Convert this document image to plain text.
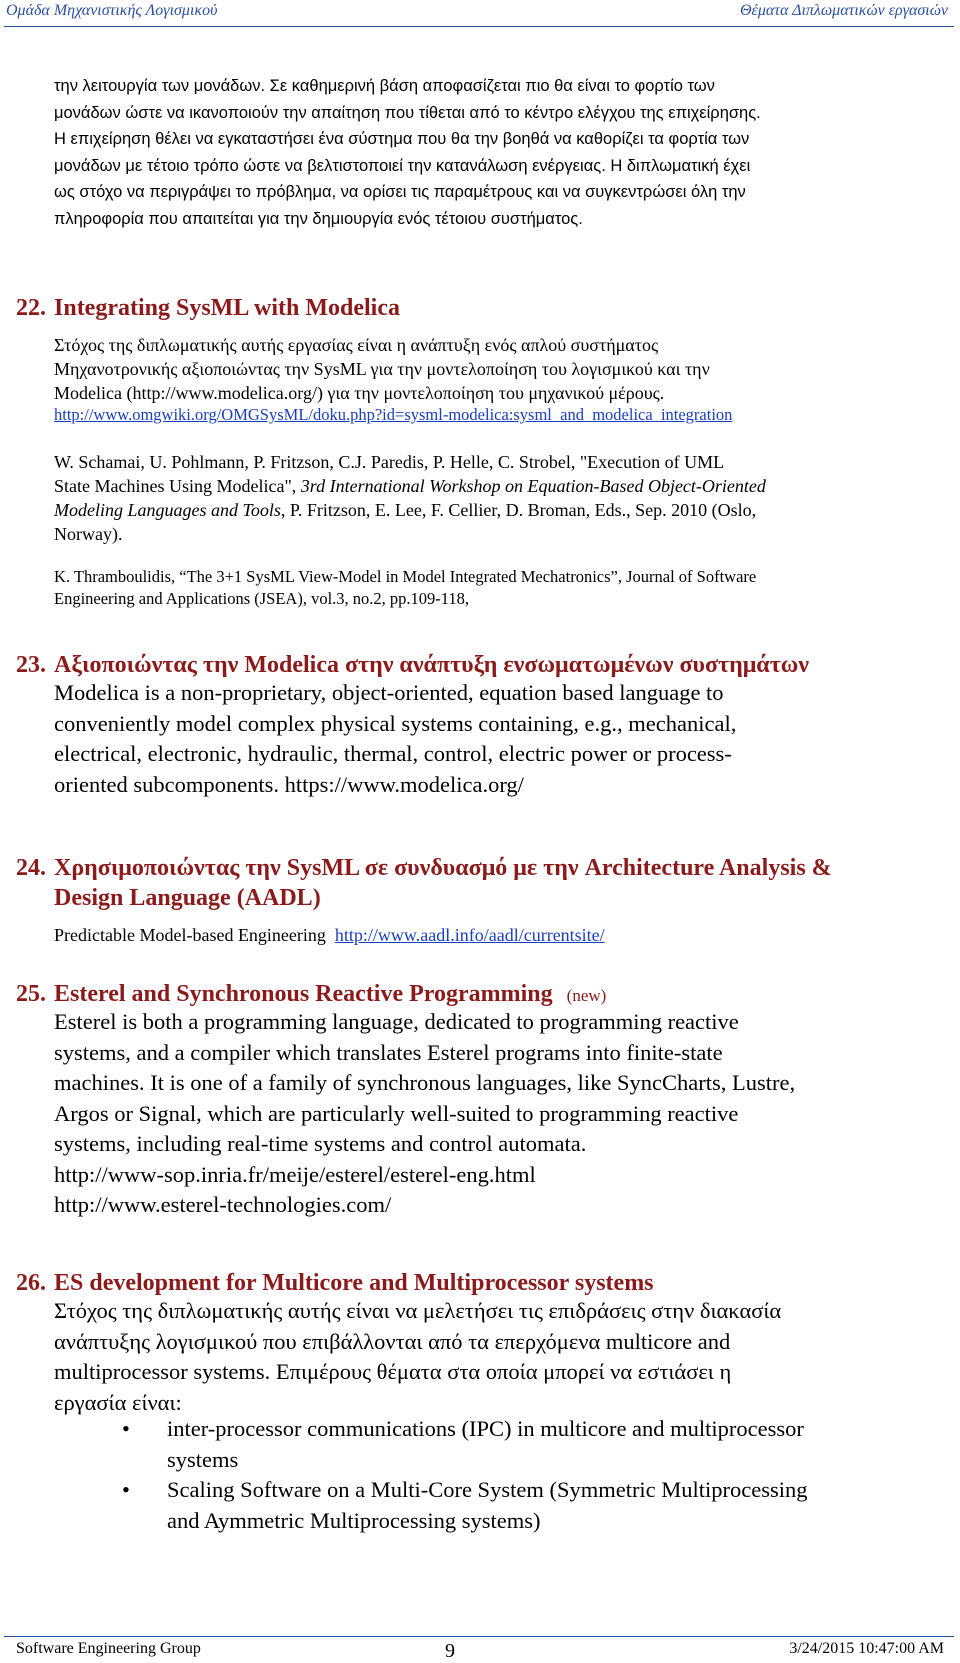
Ομάδα Μηχανιστικής Λογισμικού	Θέματα Διπλωματικών εργασιών
την λειτουργία των μονάδων. Σε καθημερινή βάση αποφασίζεται πιο θα είναι το φορτίο των
μονάδων ώστε να ικανοποιούν την απαίτηση που τίθεται από το κέντρο ελέγχου της επιχείρησης.
Η επιχείρηση θέλει να εγκαταστήσει ένα σύστημα που θα την βοηθά να καθορίζει τα φορτία των
μονάδων με τέτοιο τρόπο ώστε να βελτιστοποιεί την κατανάλωση ενέργειας. Η διπλωματική έχει
ως στόχο να περιγράψει το πρόβλημα, να ορίσει τις παραμέτρους και να συγκεντρώσει όλη την
πληροφορία που απαιτείται για την δημιουργία ενός τέτοιου συστήματος.
22. Integrating SysML with Modelica
Στόχος της διπλωματικής αυτής εργασίας είναι η ανάπτυξη ενός απλού συστήματος
Μηχανοτρονικής αξιοποιώντας την SysML για την μοντελοποίηση του λογισμικού και την
Modelica (http://www.modelica.org/) για την μοντελοποίηση του μηχανικού μέρους.
http://www.omgwiki.org/OMGSysML/doku.php?id=sysml-modelica:sysml_and_modelica_integration
W. Schamai, U. Pohlmann, P. Fritzson, C.J. Paredis, P. Helle, C. Strobel, "Execution of UML
State Machines Using Modelica", 3rd International Workshop on Equation-Based Object-Oriented
Modeling Languages and Tools, P. Fritzson, E. Lee, F. Cellier, D. Broman, Eds., Sep. 2010 (Oslo,
Norway).
K. Thramboulidis, “The 3+1 SysML View-Model in Model Integrated Mechatronics”, Journal of Software
Engineering and Applications (JSEA), vol.3, no.2, pp.109-118,
23. Αξιοποιώντας την Modelica στην ανάπτυξη ενσωματωμένων συστημάτων
Modelica is a non-proprietary, object-oriented, equation based language to
conveniently model complex physical systems containing, e.g., mechanical,
electrical, electronic, hydraulic, thermal, control, electric power or process-
oriented subcomponents. https://www.modelica.org/
24. Χρησιμοποιώντας την SysML σε συνδυασμό με την Architecture Analysis &
Design Language (AADL)
Predictable Model-based Engineering  http://www.aadl.info/aadl/currentsite/
25. Esterel and Synchronous Reactive Programming (new)
Esterel is both a programming language, dedicated to programming reactive
systems, and a compiler which translates Esterel programs into finite-state
machines. It is one of a family of synchronous languages, like SyncCharts, Lustre,
Argos or Signal, which are particularly well-suited to programming reactive
systems, including real-time systems and control automata.
http://www-sop.inria.fr/meije/esterel/esterel-eng.html
http://www.esterel-technologies.com/
26. ES development for Multicore and Multiprocessor systems
Στόχος της διπλωματικής αυτής είναι να μελετήσει τις επιδράσεις στην διακασία
ανάπτυξης λογισμικού που επιβάλλονται από τα επερχόμενα multicore and
multiprocessor systems. Επιμέρους θέματα στα οποία μπορεί να εστιάσει η
εργασία είναι:
• inter-processor communications (IPC) in multicore and multiprocessor
systems
• Scaling Software on a Multi-Core System (Symmetric Multiprocessing
and Aymmetric Multiprocessing systems)
Software Engineering Group	9	3/24/2015 10:47:00 AM
